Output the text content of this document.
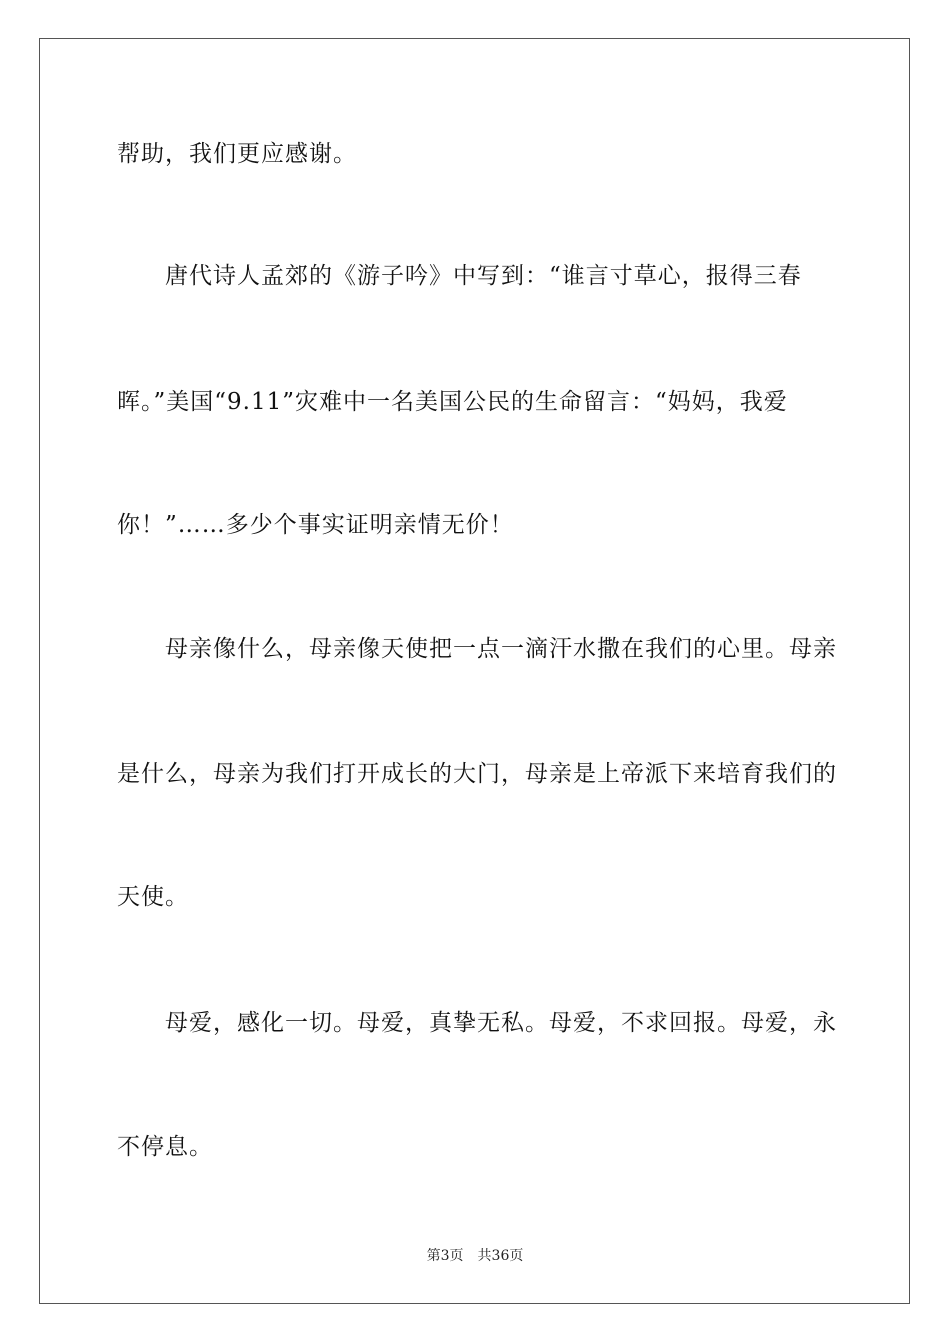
帮助，我们更应感谢。
唐代诗人孟郊的《游子吟》中写到：“谁言寸草心，报得三春
晖。”美国“9.11”灾难中一名美国公民的生命留言：“妈妈，我爱
你！”……多少个事实证明亲情无价！
母亲像什么，母亲像天使把一点一滴汗水撒在我们的心里。母亲
是什么，母亲为我们打开成长的大门，母亲是上帝派下来培育我们的
天使。
母爱，感化一切。母爱，真挚无私。母爱，不求回报。母爱，永
不停息。
第3页 共36页
